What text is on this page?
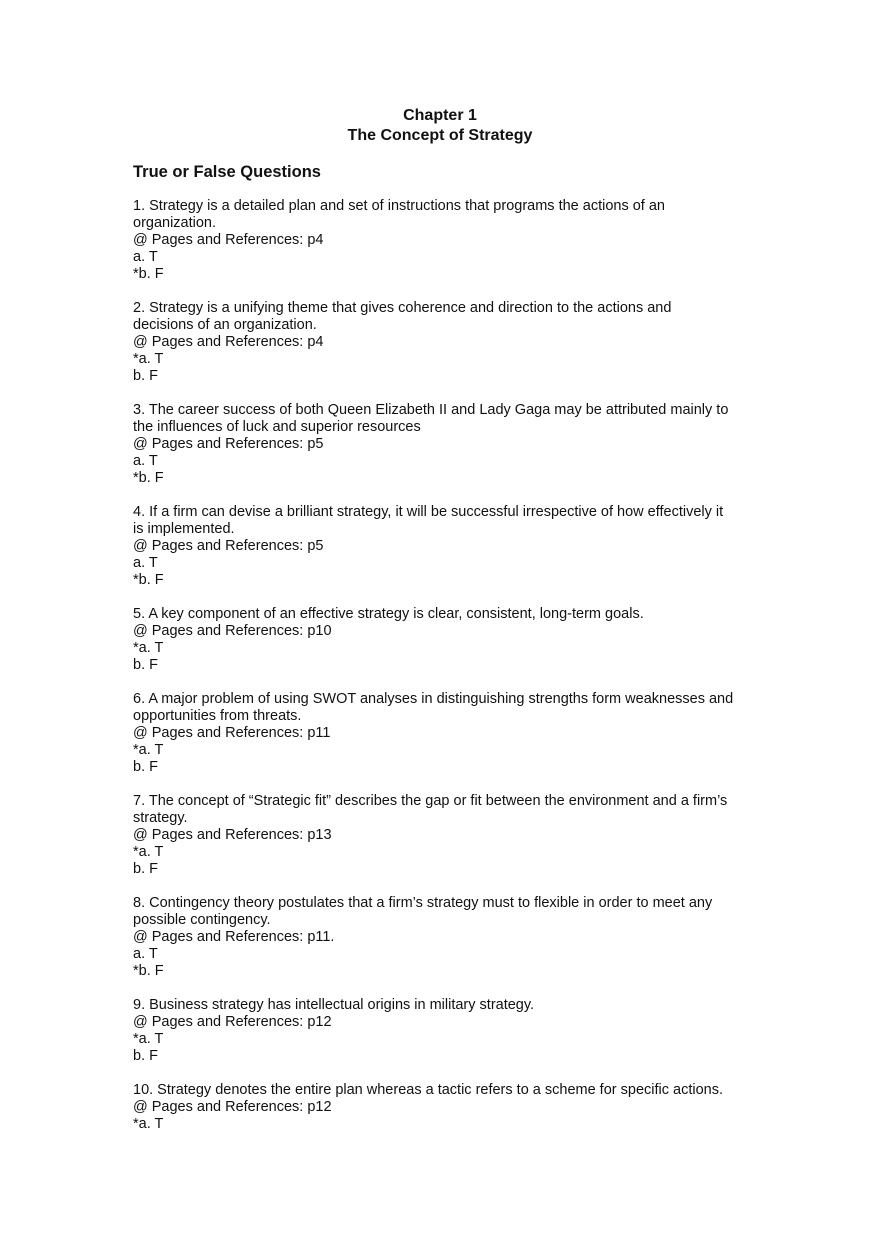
Chapter 1
The Concept of Strategy
True or False Questions
1. Strategy is a detailed plan and set of instructions that programs the actions of an
organization.
@ Pages and References: p4
a. T
*b. F
2. Strategy is a unifying theme that gives coherence and direction to the actions and
decisions of an organization.
@ Pages and References: p4
*a. T
b. F
3. The career success of both Queen Elizabeth II and Lady Gaga may be attributed mainly to
the influences of luck and superior resources
@ Pages and References: p5
a. T
*b. F
4. If a firm can devise a brilliant strategy, it will be successful irrespective of how effectively it
is implemented.
@ Pages and References: p5
a. T
*b. F
5. A key component of an effective strategy is clear, consistent, long-term goals.
@ Pages and References: p10
*a. T
b. F
6. A major problem of using SWOT analyses in distinguishing strengths form weaknesses and
opportunities from threats.
@ Pages and References: p11
*a. T
b. F
7. The concept of “Strategic fit” describes the gap or fit between the environment and a firm’s
strategy.
@ Pages and References: p13
*a. T
b. F
8. Contingency theory postulates that a firm’s strategy must to flexible in order to meet any
possible contingency.
@ Pages and References: p11.
a. T
*b. F
9. Business strategy has intellectual origins in military strategy.
@ Pages and References: p12
*a. T
b. F
10. Strategy denotes the entire plan whereas a tactic refers to a scheme for specific actions.
@ Pages and References: p12
*a. T
